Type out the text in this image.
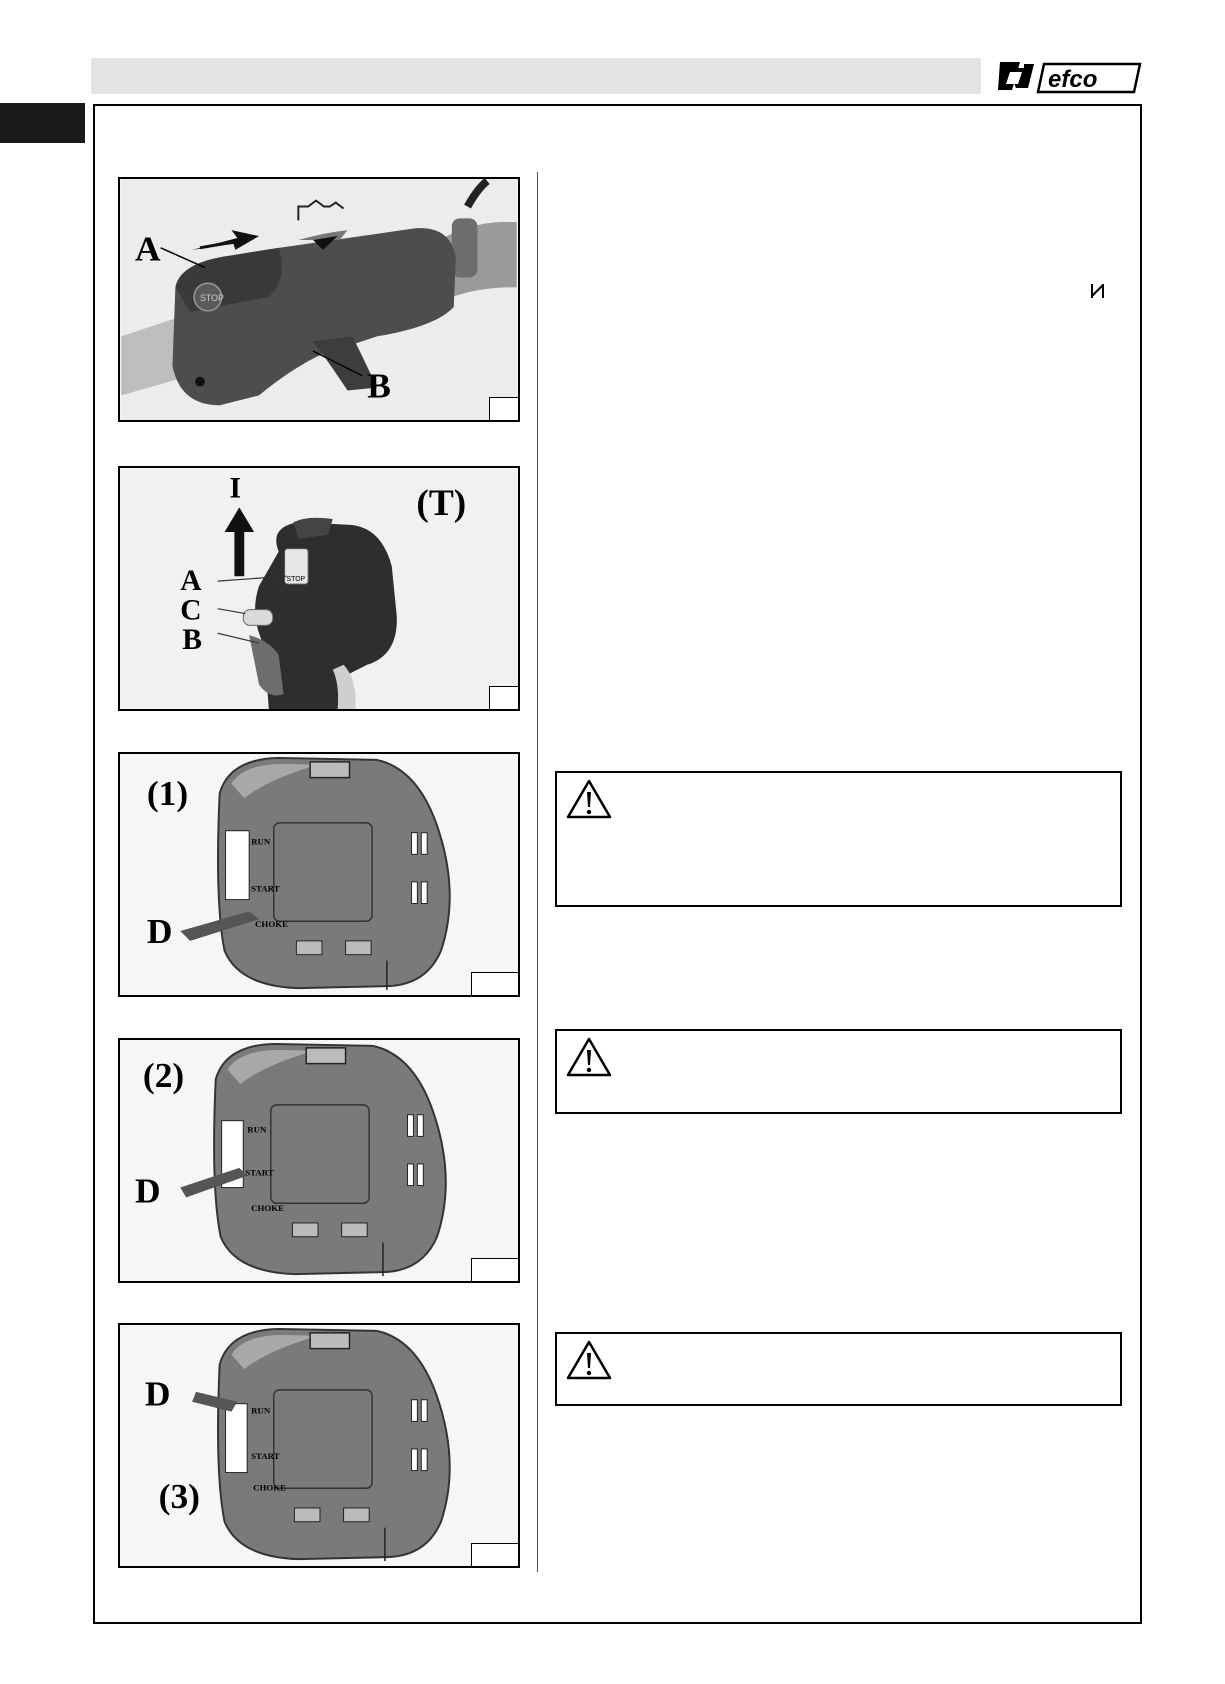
efco
A
B
STOP
I	(T)
A
C
B
STOP
(1)
D
RUN
START
CHOKE
(2)
D
RUN
START
CHOKE
D
(3)
RUN
START
CHOKE
